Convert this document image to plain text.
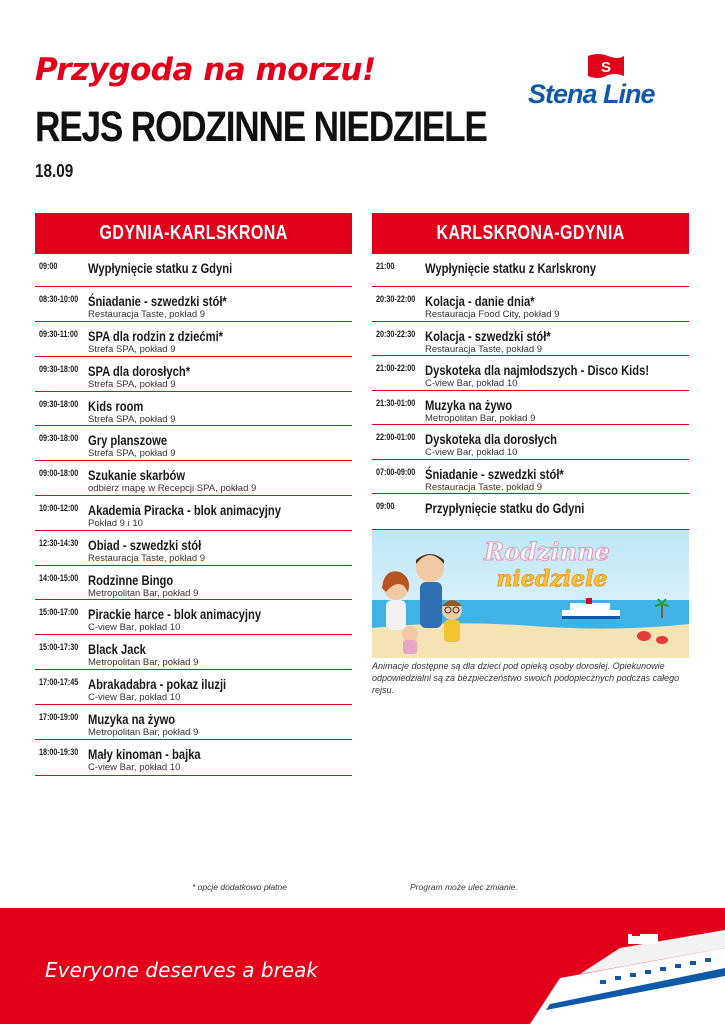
Przygoda na morzu!
REJS RODZINNE NIEDZIELE
18.09
S
Stena Line
GDYNIA-KARLSKRONA
09:00 Wypłynięcie statku z Gdyni
08:30-10:00 Śniadanie - szwedzki stół*
Restauracja Taste, pokład 9
09:30-11:00 SPA dla rodzin z dziećmi*
Strefa SPA, pokład 9
09:30-18:00 SPA dla dorosłych*
Strefa SPA, pokład 9
09:30-18:00 Kids room
Strefa SPA, pokład 9
09:30-18:00 Gry planszowe
Strefa SPA, pokład 9
09:00-18:00 Szukanie skarbów
odbierz mapę w Recepcji SPA, pokład 9
10:00-12:00 Akademia Piracka - blok animacyjny
Pokład 9 i 10
12:30-14:30 Obiad - szwedzki stół
Restauracja Taste, pokład 9
14:00-15:00 Rodzinne Bingo
Metropolitan Bar, pokład 9
15:00-17:00 Pirackie harce - blok animacyjny
C-view Bar, pokład 10
15:00-17:30 Black Jack
Metropolitan Bar, pokład 9
17:00-17:45 Abrakadabra - pokaz iluzji
C-view Bar, pokład 10
17:00-19:00 Muzyka na żywo
Metropolitan Bar, pokład 9
18:00-19:30 Mały kinoman - bajka
C-view Bar, pokład 10
KARLSKRONA-GDYNIA
21:00 Wypłynięcie statku z Karlskrony
20:30-22:00 Kolacja - danie dnia*
Restauracja Food City, pokład 9
20:30-22:30 Kolacja - szwedzki stół*
Restauracja Taste, pokład 9
21:00-22:00 Dyskoteka dla najmłodszych - Disco Kids!
C-view Bar, pokład 10
21:30-01:00 Muzyka na żywo
Metropolitan Bar, pokład 9
22:00-01:00 Dyskoteka dla dorosłych
C-view Bar, pokład 10
07:00-09:00 Śniadanie - szwedzki stół*
Restauracja Taste, pokład 9
09:00 Przypłynięcie statku do Gdyni
Rodzinne
niedziele
Animacje dostępne są dla dzieci pod opieką osoby dorosłej. Opiekunowie odpowiedzialni są za bezpieczeństwo swoich podopiecznych podczas całego rejsu.
* opcje dodatkowo płatne	Program może ulec zmianie.
Everyone deserves a break
